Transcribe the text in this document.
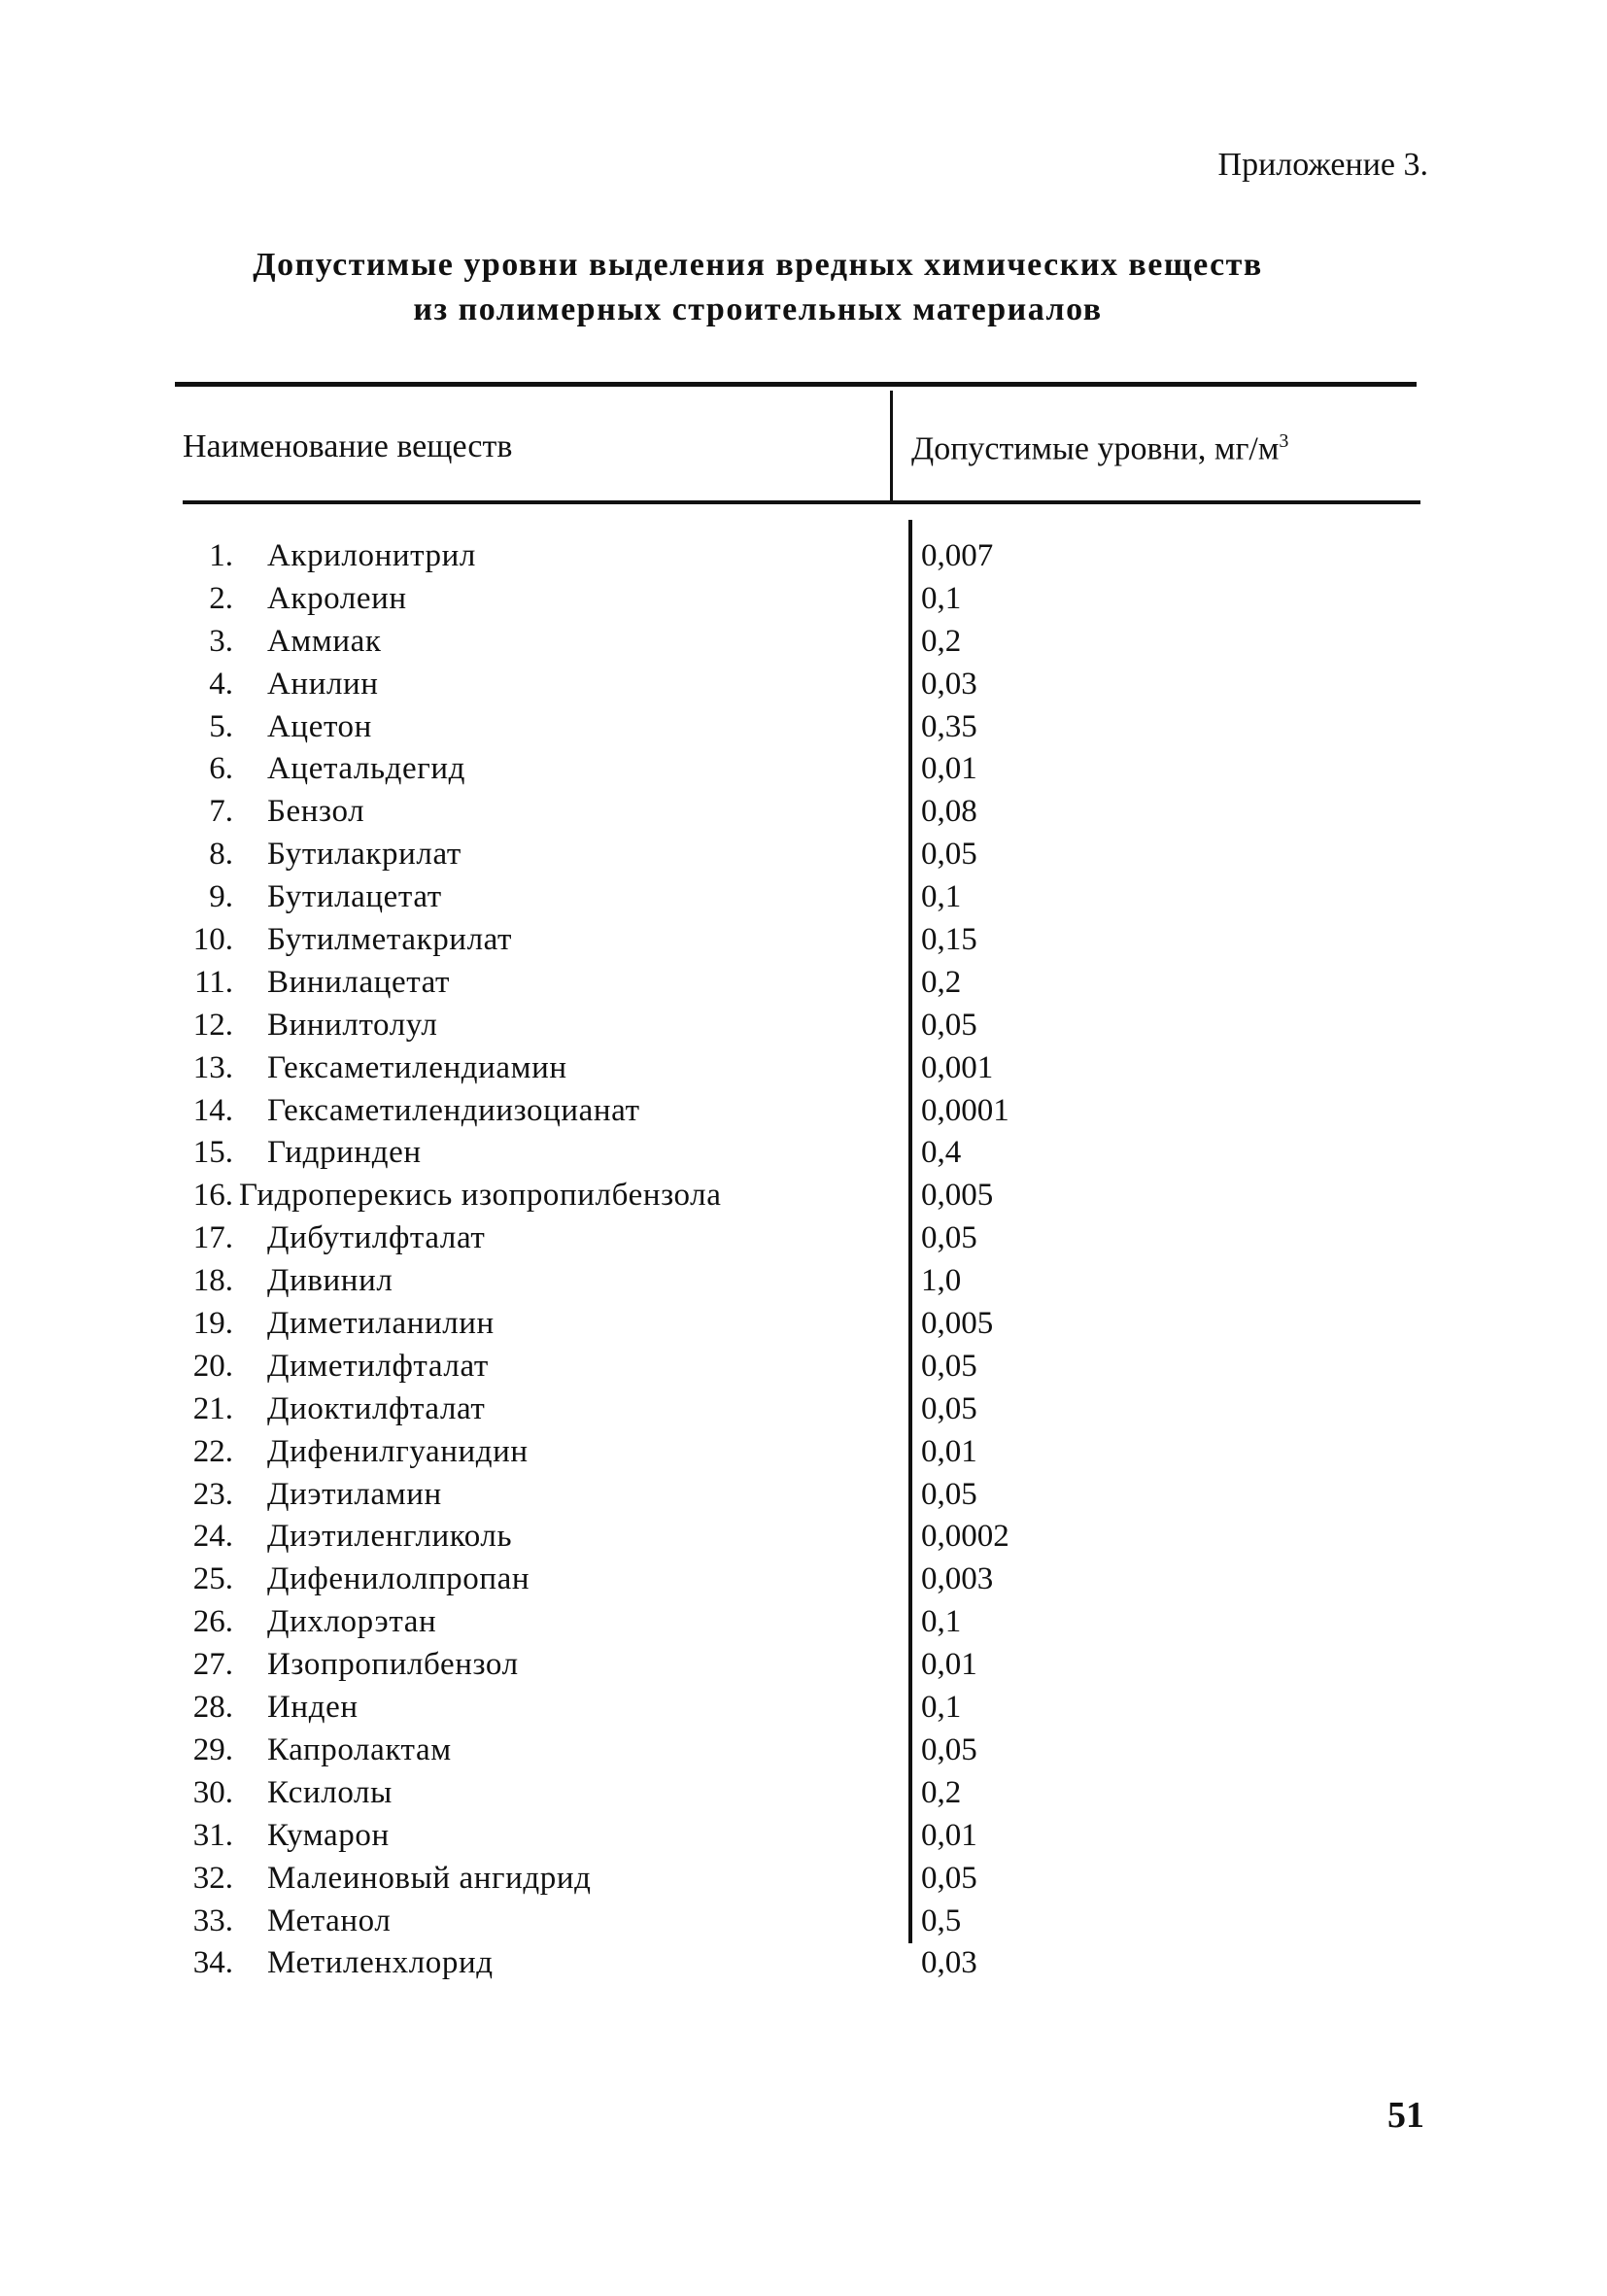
Приложение 3.
Допустимые уровни выделения вредных химических веществ
из полимерных строительных материалов
Наименование веществ	Допустимые уровни, $мг/м^3$
1. Акрилонитрил	0,007
2. Акролеин	0,1
3. Аммиак	0,2
4. Анилин	0,03
5. Ацетон	0,35
6. Ацетальдегид	0,01
7. Бензол	0,08
8. Бутилакрилат	0,05
9. Бутилацетат	0,1
10. Бутилметакрилат	0,15
11. Винилацетат	0,2
12. Винилтолул	0,05
13. Гексаметилендиамин	0,001
14. Гексаметилендиизоцианат	0,0001
15. Гидринден	0,4
16. Гидроперекись изопропилбензола	0,005
17. Дибутилфталат	0,05
18. Дивинил	1,0
19. Диметиланилин	0,005
20. Диметилфталат	0,05
21. Диоктилфталат	0,05
22. Дифенилгуанидин	0,01
23. Диэтиламин	0,05
24. Диэтиленгликоль	0,0002
25. Дифенилолпропан	0,003
26. Дихлорэтан	0,1
27. Изопропилбензол	0,01
28. Инден	0,1
29. Капролактам	0,05
30. Ксилолы	0,2
31. Кумарон	0,01
32. Малеиновый ангидрид	0,05
33. Метанол	0,5
34. Метиленхлорид	0,03
51
